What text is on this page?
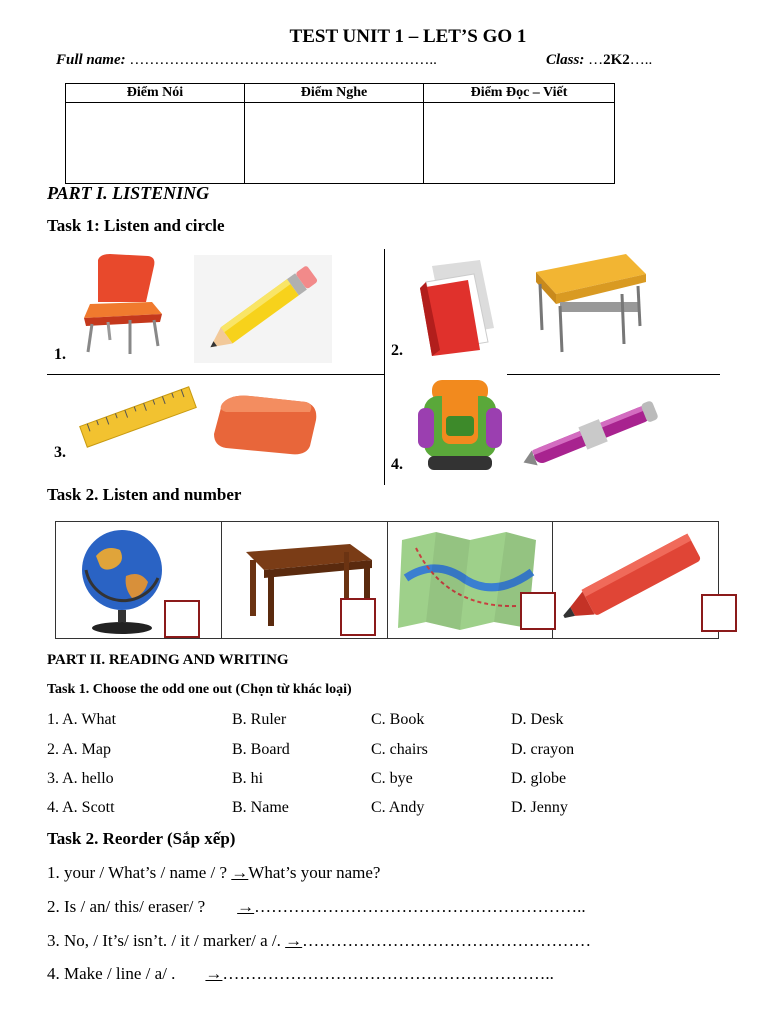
TEST UNIT 1 – LET’S GO 1
Full name: ……………………………………………………..	Class: …2K2…..
Điểm Nói	Điểm Nghe	Điểm Đọc – Viết

PART I. LISTENING
Task 1: Listen and circle
1.	2.
3.
4.
Task 2. Listen and number
PART II. READING AND WRITING
Task 1. Choose the odd one out (Chọn từ khác loại)
1. A. What	B. Ruler	C. Book	D. Desk
2. A. Map	B. Board	C. chairs	D. crayon
3. A. hello	B. hi	C. bye	D. globe
4. A. Scott	B. Name	C. Andy	D. Jenny
Task 2. Reorder (Sắp xếp)
1. your / What’s / name / ? →What’s your name?
2. Is / an/ this/ eraser/ ? →…………………………………………………..
3. No, / It’s/ isn’t. / it / marker/ a /. →……………………………………………
4. Make / line / a/ . →…………………………………………………..
